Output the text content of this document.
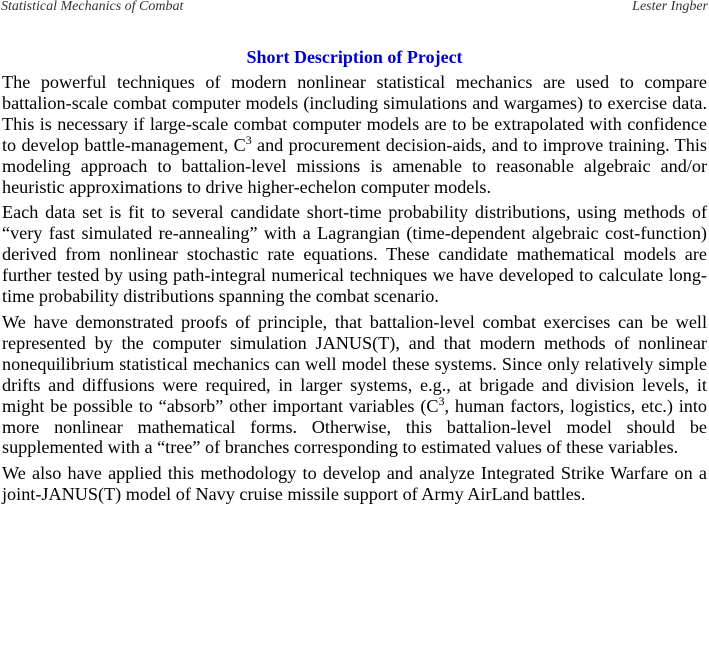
Statistical Mechanics of Combat	Lester Ingber
Short Description of Project

The powerful techniques of modern nonlinear statistical mechanics are used to compare battalion-scale combat computer models (including simulations and wargames) to exercise data. This is necessary if large-scale combat computer models are to be extrapolated with confidence to develop battle-management, $C^3$ and procurement decision-aids, and to improve training. This modeling approach to battalion-level missions is amenable to reasonable algebraic and/or heuristic approximations to drive higher-echelon computer models.

Each data set is fit to several candidate short-time probability distributions, using methods of “very fast simulated re-annealing” with a Lagrangian (time-dependent algebraic cost-function) derived from nonlinear stochastic rate equations. These candidate mathematical models are further tested by using path-integral numerical techniques we have developed to calculate long-time probability distributions spanning the combat scenario.

We have demonstrated proofs of principle, that battalion-level combat exercises can be well represented by the computer simulation JANUS(T), and that modern methods of nonlinear nonequilibrium statistical mechanics can well model these systems. Since only relatively simple drifts and diffusions were required, in larger systems, e.g., at brigade and division levels, it might be possible to “absorb” other important variables ($C^3$, human factors, logistics, etc.) into more nonlinear mathematical forms. Otherwise, this battalion-level model should be supplemented with a “tree” of branches corresponding to estimated values of these variables.

We also have applied this methodology to develop and analyze Integrated Strike Warfare on a joint-JANUS(T) model of Navy cruise missile support of Army AirLand battles.
